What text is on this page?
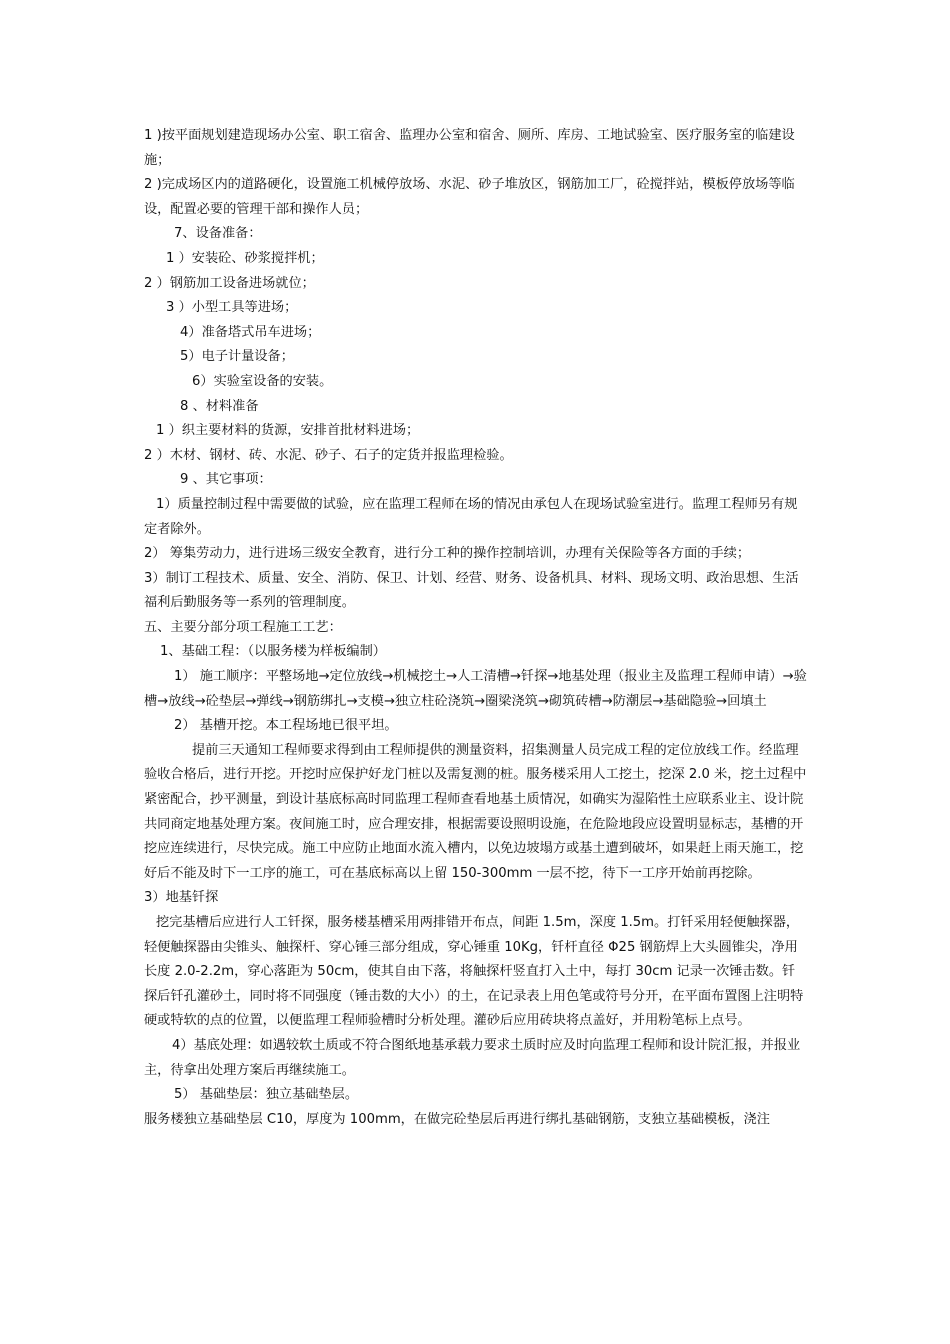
1 )按平面规划建造现场办公室、职工宿舍、监理办公室和宿舍、厕所、库房、工地试验室、医疗服务室的临建设施；

2 )完成场区内的道路硬化，设置施工机械停放场、水泥、砂子堆放区，钢筋加工厂，砼搅拌站，模板停放场等临设，配置必要的管理干部和操作人员；

7、设备准备：

1 ）安装砼、砂浆搅拌机；

2 ）钢筋加工设备进场就位；

3 ）小型工具等进场；

4）准备塔式吊车进场；

5）电子计量设备；

6）实验室设备的安装。

8 、材料准备

1 ）织主要材料的货源，安排首批材料进场；

2 ）木材、钢材、砖、水泥、砂子、石子的定货并报监理检验。

9 、其它事项：

1）质量控制过程中需要做的试验，应在监理工程师在场的情况由承包人在现场试验室进行。监理工程师另有规定者除外。

2） 筹集劳动力，进行进场三级安全教育，进行分工种的操作控制培训，办理有关保险等各方面的手续；

3）制订工程技术、质量、安全、消防、保卫、计划、经营、财务、设备机具、材料、现场文明、政治思想、生活福利后勤服务等一系列的管理制度。

五、主要分部分项工程施工工艺：

1、基础工程：（以服务楼为样板编制）

1） 施工顺序：平整场地→定位放线→机械挖土→人工清槽→钎探→地基处理（报业主及监理工程师申请）→验槽→放线→砼垫层→弹线→钢筋绑扎→支模→独立柱砼浇筑→圈梁浇筑→砌筑砖槽→防潮层→基础隐验→回填土

2） 基槽开挖。本工程场地已很平坦。

提前三天通知工程师要求得到由工程师提供的测量资料，招集测量人员完成工程的定位放线工作。经监理验收合格后，进行开挖。开挖时应保护好龙门桩以及需复测的桩。服务楼采用人工挖土，挖深 2.0 米，挖土过程中紧密配合，抄平测量，到设计基底标高时同监理工程师查看地基土质情况，如确实为湿陷性土应联系业主、设计院共同商定地基处理方案。夜间施工时，应合理安排，根据需要设照明设施，在危险地段应设置明显标志，基槽的开挖应连续进行，尽快完成。施工中应防止地面水流入槽内，以免边坡塌方或基土遭到破坏，如果赶上雨天施工，挖好后不能及时下一工序的施工，可在基底标高以上留 150-300mm 一层不挖，待下一工序开始前再挖除。

3）地基钎探

挖完基槽后应进行人工钎探，服务楼基槽采用两排错开布点，间距 1.5m，深度 1.5m。打钎采用轻便触探器，轻便触探器由尖锥头、触探杆、穿心锤三部分组成，穿心锤重 10Kg，钎杆直径 Φ25 钢筋焊上大头圆锥尖，净用长度 2.0-2.2m，穿心落距为 50cm，使其自由下落，将触探杆竖直打入土中，每打 30cm 记录一次锤击数。钎探后钎孔灌砂土，同时将不同强度（锤击数的大小）的土，在记录表上用色笔或符号分开，在平面布置图上注明特硬或特软的点的位置，以便监理工程师验槽时分析处理。灌砂后应用砖块将点盖好，并用粉笔标上点号。

4）基底处理：如遇较软土质或不符合图纸地基承载力要求土质时应及时向监理工程师和设计院汇报，并报业主，待拿出处理方案后再继续施工。

5） 基础垫层：独立基础垫层。

服务楼独立基础垫层 C10，厚度为 100mm，在做完砼垫层后再进行绑扎基础钢筋，支独立基础模板，浇注
